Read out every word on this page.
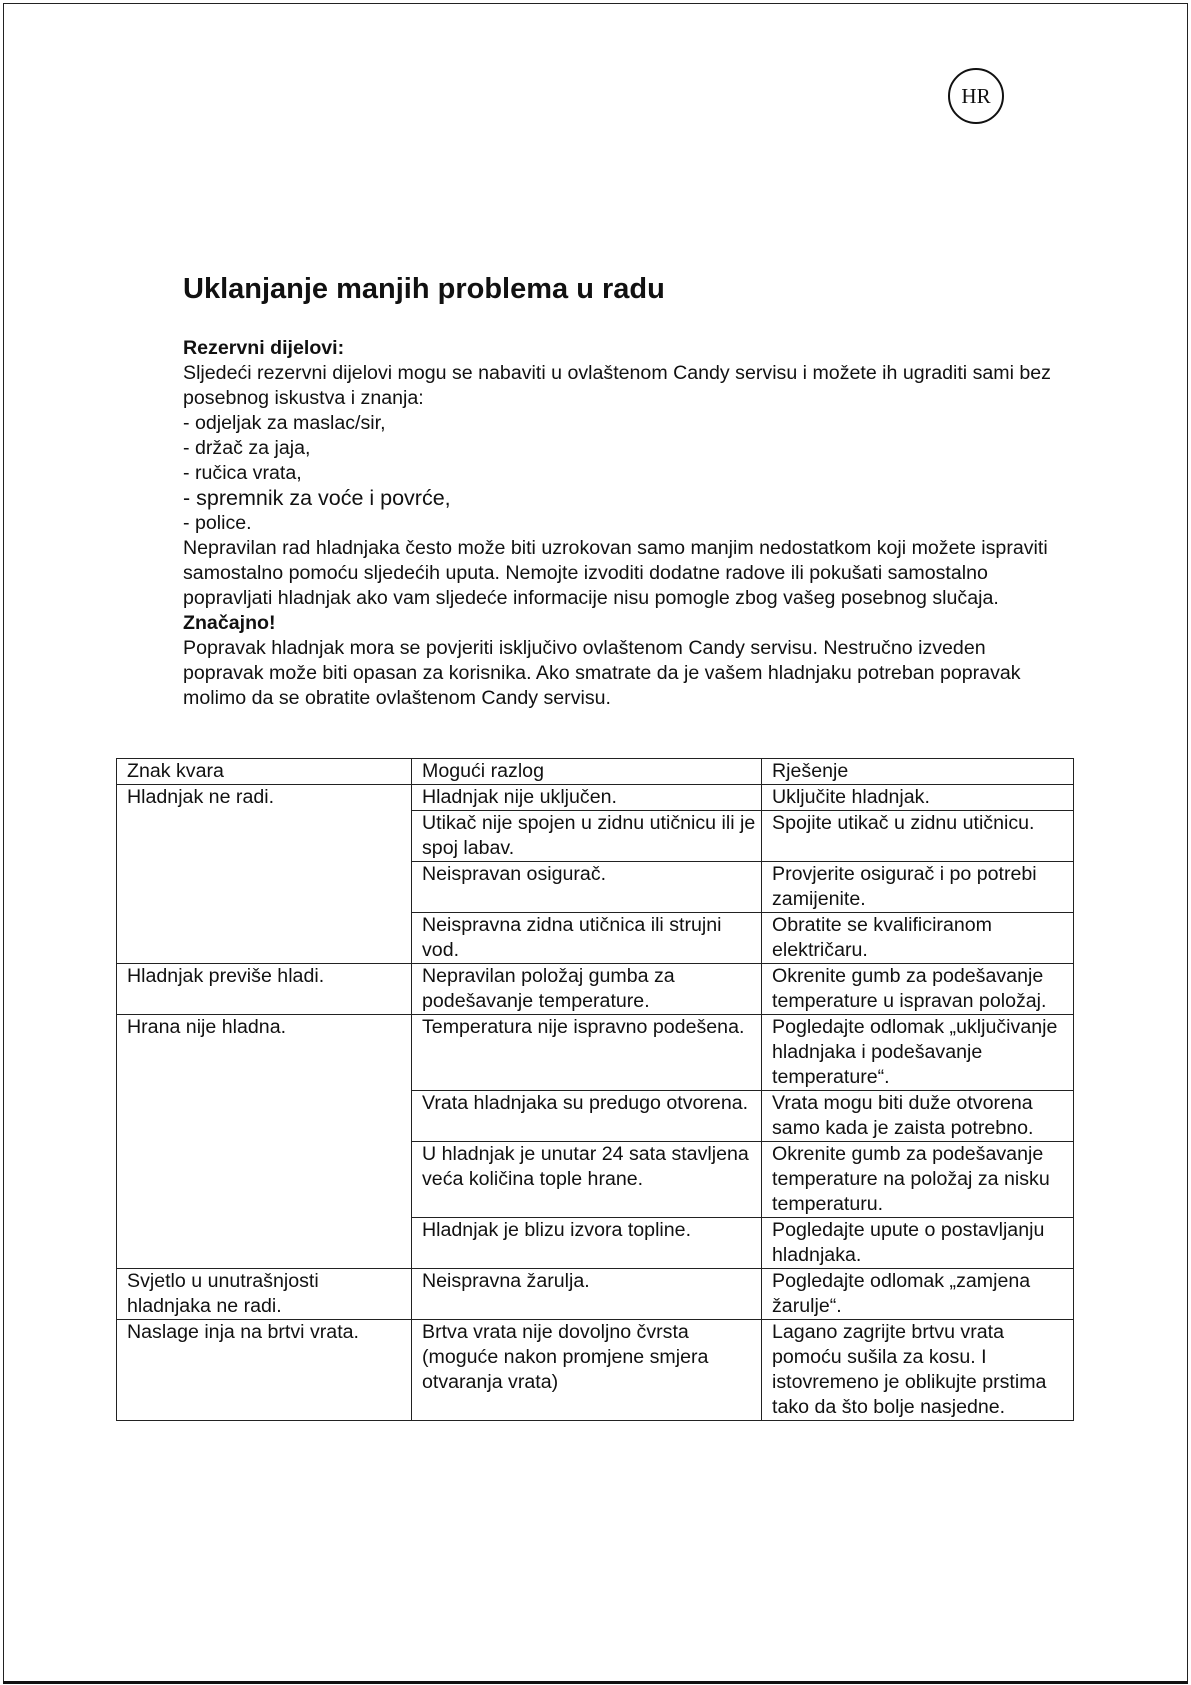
HR
Uklanjanje manjih problema u radu

Rezervni dijelovi:

Sljedeći rezervni dijelovi mogu se nabaviti u ovlaštenom Candy servisu i možete ih ugraditi sami bez posebnog iskustva i znanja:

- odjeljak za maslac/sir,

- držač za jaja,

- ručica vrata,

- spremnik za voće i povrće,

- police.

Nepravilan rad hladnjaka često može biti uzrokovan samo manjim nedostatkom koji možete ispraviti samostalno pomoću sljedećih uputa. Nemojte izvoditi dodatne radove ili pokušati samostalno popravljati hladnjak ako vam sljedeće informacije nisu pomogle zbog vašeg posebnog slučaja.

Značajno!

Popravak hladnjak mora se povjeriti isključivo ovlaštenom Candy servisu. Nestručno izveden popravak može biti opasan za korisnika. Ako smatrate da je vašem hladnjaku potreban popravak molimo da se obratite ovlaštenom Candy servisu.

Znak kvara	Mogući razlog	Rješenje
Hladnjak ne radi.	Hladnjak nije uključen.	Uključite hladnjak.
	Utikač nije spojen u zidnu utičnicu ili je spoj labav.	Spojite utikač u zidnu utičnicu.
	Neispravan osigurač.	Provjerite osigurač i po potrebi zamijenite.
	Neispravna zidna utičnica ili strujni vod.	Obratite se kvalificiranom električaru.
Hladnjak previše hladi.	Nepravilan položaj gumba za podešavanje temperature.	Okrenite gumb za podešavanje temperature u ispravan položaj.
Hrana nije hladna.	Temperatura nije ispravno podešena.	Pogledajte odlomak „uključivanje hladnjaka i podešavanje temperature“.
	Vrata hladnjaka su predugo otvorena.	Vrata mogu biti duže otvorena samo kada je zaista potrebno.
	U hladnjak je unutar 24 sata stavljena veća količina tople hrane.	Okrenite gumb za podešavanje temperature na položaj za nisku temperaturu.
	Hladnjak je blizu izvora topline.	Pogledajte upute o postavljanju hladnjaka.
Svjetlo u unutrašnjosti hladnjaka ne radi.	Neispravna žarulja.	Pogledajte odlomak „zamjena žarulje“.
Naslage inja na brtvi vrata.	Brtva vrata nije dovoljno čvrsta (moguće nakon promjene smjera otvaranja vrata)	Lagano zagrijte brtvu vrata pomoću sušila za kosu. I istovremeno je oblikujte prstima tako da što bolje nasjedne.
